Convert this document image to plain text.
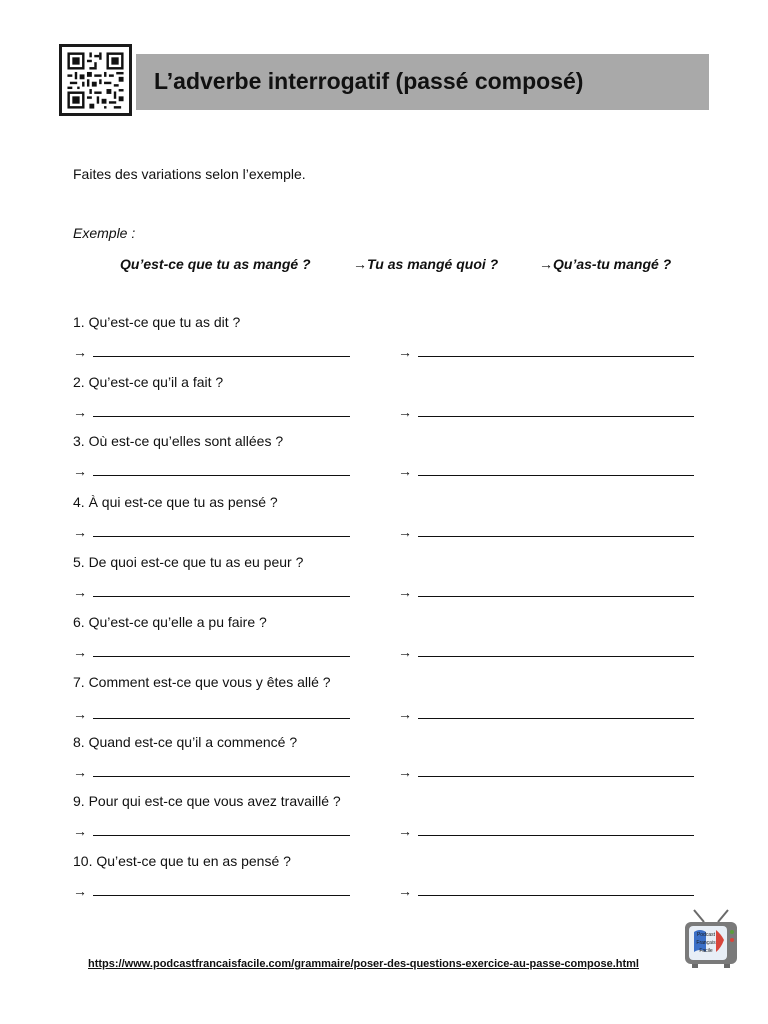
L’adverbe interrogatif (passé composé)
Faites des variations selon l’exemple.
Exemple :
Qu’est-ce que tu as mangé ?	→Tu as mangé quoi ?	→Qu’as-tu mangé ?
1. Qu’est-ce que tu as dit ?
→	→
2. Qu’est-ce qu’il a fait ?
→	→
3. Où est-ce qu’elles sont allées ?
→	→
4. À qui est-ce que tu as pensé ?
→	→
5. De quoi est-ce que tu as eu peur ?
→	→
6. Qu’est-ce qu’elle a pu faire ?
→	→
7. Comment est-ce que vous y êtes allé ?
→	→
8. Quand est-ce qu’il a commencé ?
→	→
9. Pour qui est-ce que vous avez travaillé ?
→	→
10. Qu’est-ce que tu en as pensé ?
→	→
https://www.podcastfrancaisfacile.com/grammaire/poser-des-questions-exercice-au-passe-compose.html
Podcast
Français
Facile
